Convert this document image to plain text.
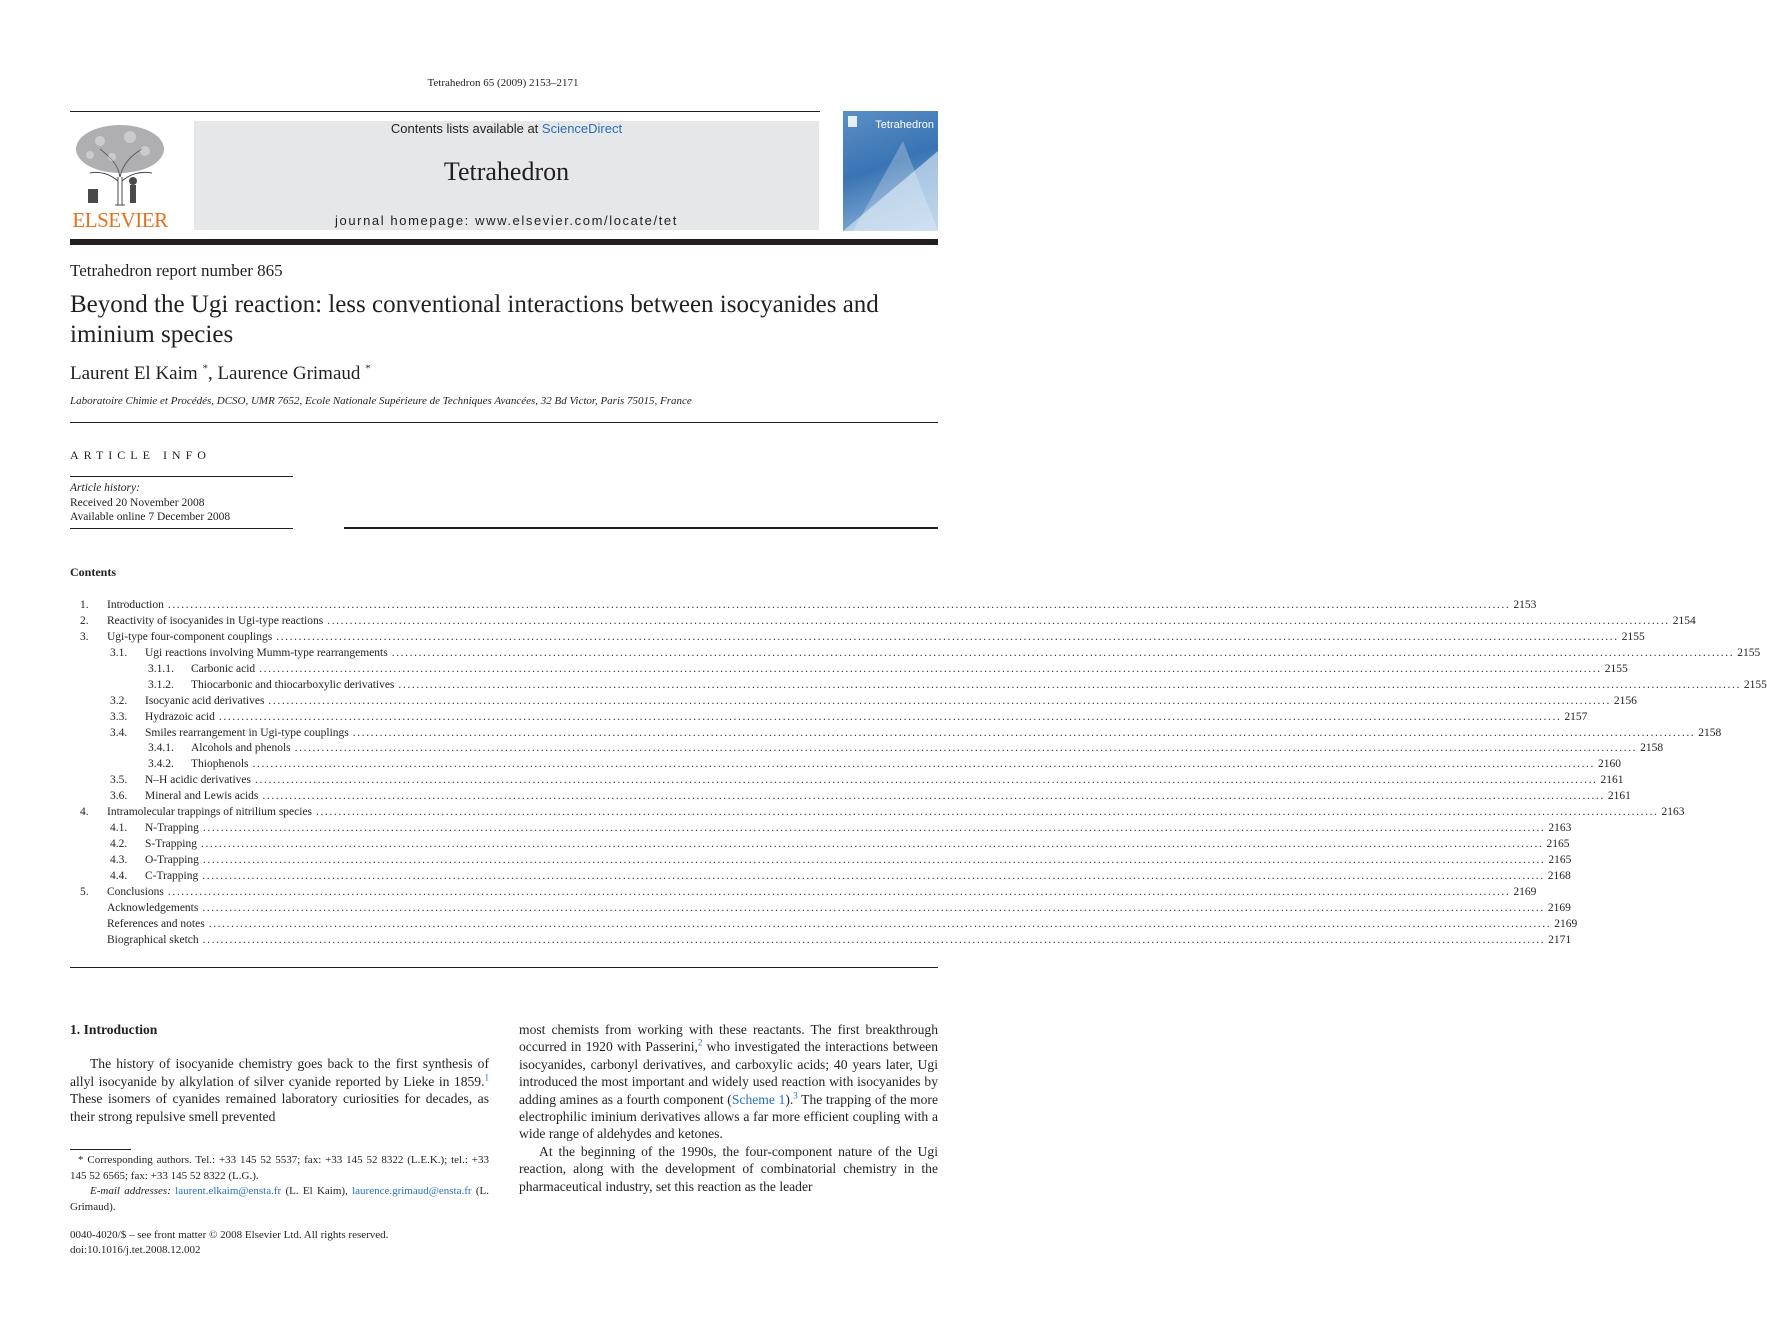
Tetrahedron 65 (2009) 2153–2171
ELSEVIER
Contents lists available at ScienceDirect
Tetrahedron
journal homepage: www.elsevier.com/locate/tet
Tetrahedron
Tetrahedron report number 865
Beyond the Ugi reaction: less conventional interactions between isocyanides and iminium species
Laurent El Kaim *, Laurence Grimaud *
Laboratoire Chimie et Procédés, DCSO, UMR 7652, Ecole Nationale Supérieure de Techniques Avancées, 32 Bd Victor, Paris 75015, France
ARTICLE INFO
Article history:
Received 20 November 2008
Available online 7 December 2008
Contents
1. Introduction ............................................................................................................................................................................................................................................................................................................ 2153
2. Reactivity of isocyanides in Ugi-type reactions ............................................................................................................................................................................................................................................................................................................ 2154
3. Ugi-type four-component couplings ............................................................................................................................................................................................................................................................................................................ 2155
3.1. Ugi reactions involving Mumm-type rearrangements ............................................................................................................................................................................................................................................................................................................ 2155
3.1.1. Carbonic acid ............................................................................................................................................................................................................................................................................................................ 2155
3.1.2. Thiocarbonic and thiocarboxylic derivatives ............................................................................................................................................................................................................................................................................................................ 2155
3.2. Isocyanic acid derivatives ............................................................................................................................................................................................................................................................................................................ 2156
3.3. Hydrazoic acid ............................................................................................................................................................................................................................................................................................................ 2157
3.4. Smiles rearrangement in Ugi-type couplings ............................................................................................................................................................................................................................................................................................................ 2158
3.4.1. Alcohols and phenols ............................................................................................................................................................................................................................................................................................................ 2158
3.4.2. Thiophenols ............................................................................................................................................................................................................................................................................................................ 2160
3.5. N–H acidic derivatives ............................................................................................................................................................................................................................................................................................................ 2161
3.6. Mineral and Lewis acids ............................................................................................................................................................................................................................................................................................................ 2161
4. Intramolecular trappings of nitrilium species ............................................................................................................................................................................................................................................................................................................ 2163
4.1. N-Trapping ............................................................................................................................................................................................................................................................................................................ 2163
4.2. S-Trapping ............................................................................................................................................................................................................................................................................................................ 2165
4.3. O-Trapping ............................................................................................................................................................................................................................................................................................................ 2165
4.4. C-Trapping ............................................................................................................................................................................................................................................................................................................ 2168
5. Conclusions ............................................................................................................................................................................................................................................................................................................ 2169
Acknowledgements ............................................................................................................................................................................................................................................................................................................ 2169
References and notes ............................................................................................................................................................................................................................................................................................................ 2169
Biographical sketch ............................................................................................................................................................................................................................................................................................................ 2171
1. Introduction

The history of isocyanide chemistry goes back to the first synthesis of allyl isocyanide by alkylation of silver cyanide reported by Lieke in 1859.$^1$ These isomers of cyanides remained laboratory curiosities for decades, as their strong repulsive smell prevented

most chemists from working with these reactants. The first breakthrough occurred in 1920 with Passerini,$^2$ who investigated the interactions between isocyanides, carbonyl derivatives, and carboxylic acids; 40 years later, Ugi introduced the most important and widely used reaction with isocyanides by adding amines as a fourth component (Scheme 1).$^3$ The trapping of the more electrophilic iminium derivatives allows a far more efficient coupling with a wide range of aldehydes and ketones.

At the beginning of the 1990s, the four-component nature of the Ugi reaction, along with the development of combinatorial chemistry in the pharmaceutical industry, set this reaction as the leader

* Corresponding authors. Tel.: +33 145 52 5537; fax: +33 145 52 8322 (L.E.K.); tel.: +33 145 52 6565; fax: +33 145 52 8322 (L.G.).
E-mail addresses: laurent.elkaim@ensta.fr (L. El Kaim), laurence.grimaud@ensta.fr (L. Grimaud).
0040-4020/$ – see front matter © 2008 Elsevier Ltd. All rights reserved.
doi:10.1016/j.tet.2008.12.002
